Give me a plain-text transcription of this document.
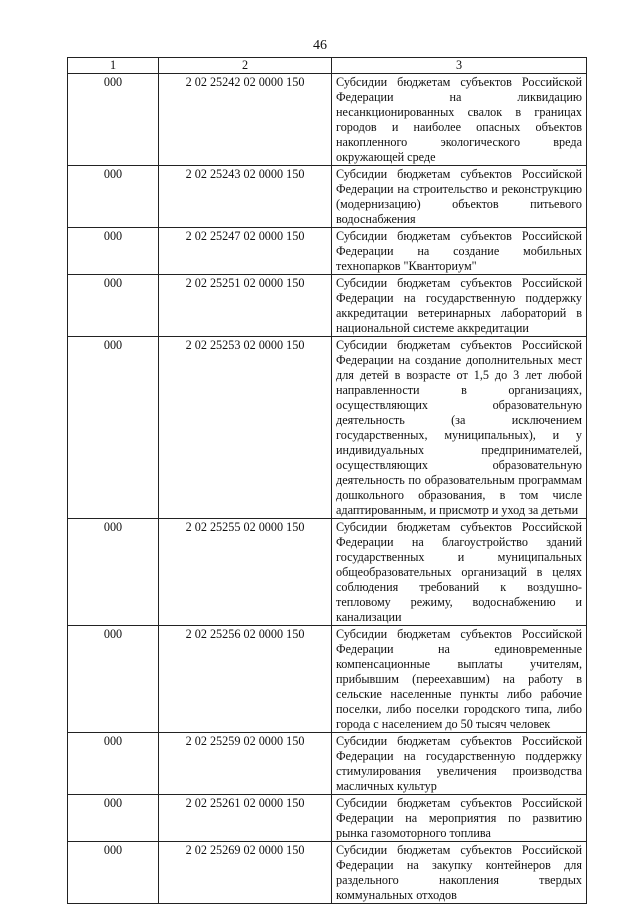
46
1	2	3
000	2 02 25242 02 0000 150	Субсидии бюджетам субъектов Российской Федерации на ликвидацию несанкционированных свалок в границах городов и наиболее опасных объектов накопленного экологического вреда окружающей среде
000	2 02 25243 02 0000 150	Субсидии бюджетам субъектов Российской Федерации на строительство и реконструкцию (модернизацию) объектов питьевого водоснабжения
000	2 02 25247 02 0000 150	Субсидии бюджетам субъектов Российской Федерации на создание мобильных технопарков "Кванториум"
000	2 02 25251 02 0000 150	Субсидии бюджетам субъектов Российской Федерации на государственную поддержку аккредитации ветеринарных лабораторий в национальной системе аккредитации
000	2 02 25253 02 0000 150	Субсидии бюджетам субъектов Российской Федерации на создание дополнительных мест для детей в возрасте от 1,5 до 3 лет любой направленности в организациях, осуществляющих образовательную деятельность (за исключением государственных, муниципальных), и у индивидуальных предпринимателей, осуществляющих образовательную деятельность по образовательным программам дошкольного образования, в том числе адаптированным, и присмотр и уход за детьми
000	2 02 25255 02 0000 150	Субсидии бюджетам субъектов Российской Федерации на благоустройство зданий государственных и муниципальных общеобразовательных организаций в целях соблюдения требований к воздушно-тепловому режиму, водоснабжению и канализации
000	2 02 25256 02 0000 150	Субсидии бюджетам субъектов Российской Федерации на единовременные компенсационные выплаты учителям, прибывшим (переехавшим) на работу в сельские населенные пункты либо рабочие поселки, либо поселки городского типа, либо города с населением до 50 тысяч человек
000	2 02 25259 02 0000 150	Субсидии бюджетам субъектов Российской Федерации на государственную поддержку стимулирования увеличения производства масличных культур
000	2 02 25261 02 0000 150	Субсидии бюджетам субъектов Российской Федерации на мероприятия по развитию рынка газомоторного топлива
000	2 02 25269 02 0000 150	Субсидии бюджетам субъектов Российской Федерации на закупку контейнеров для раздельного накопления твердых коммунальных отходов
